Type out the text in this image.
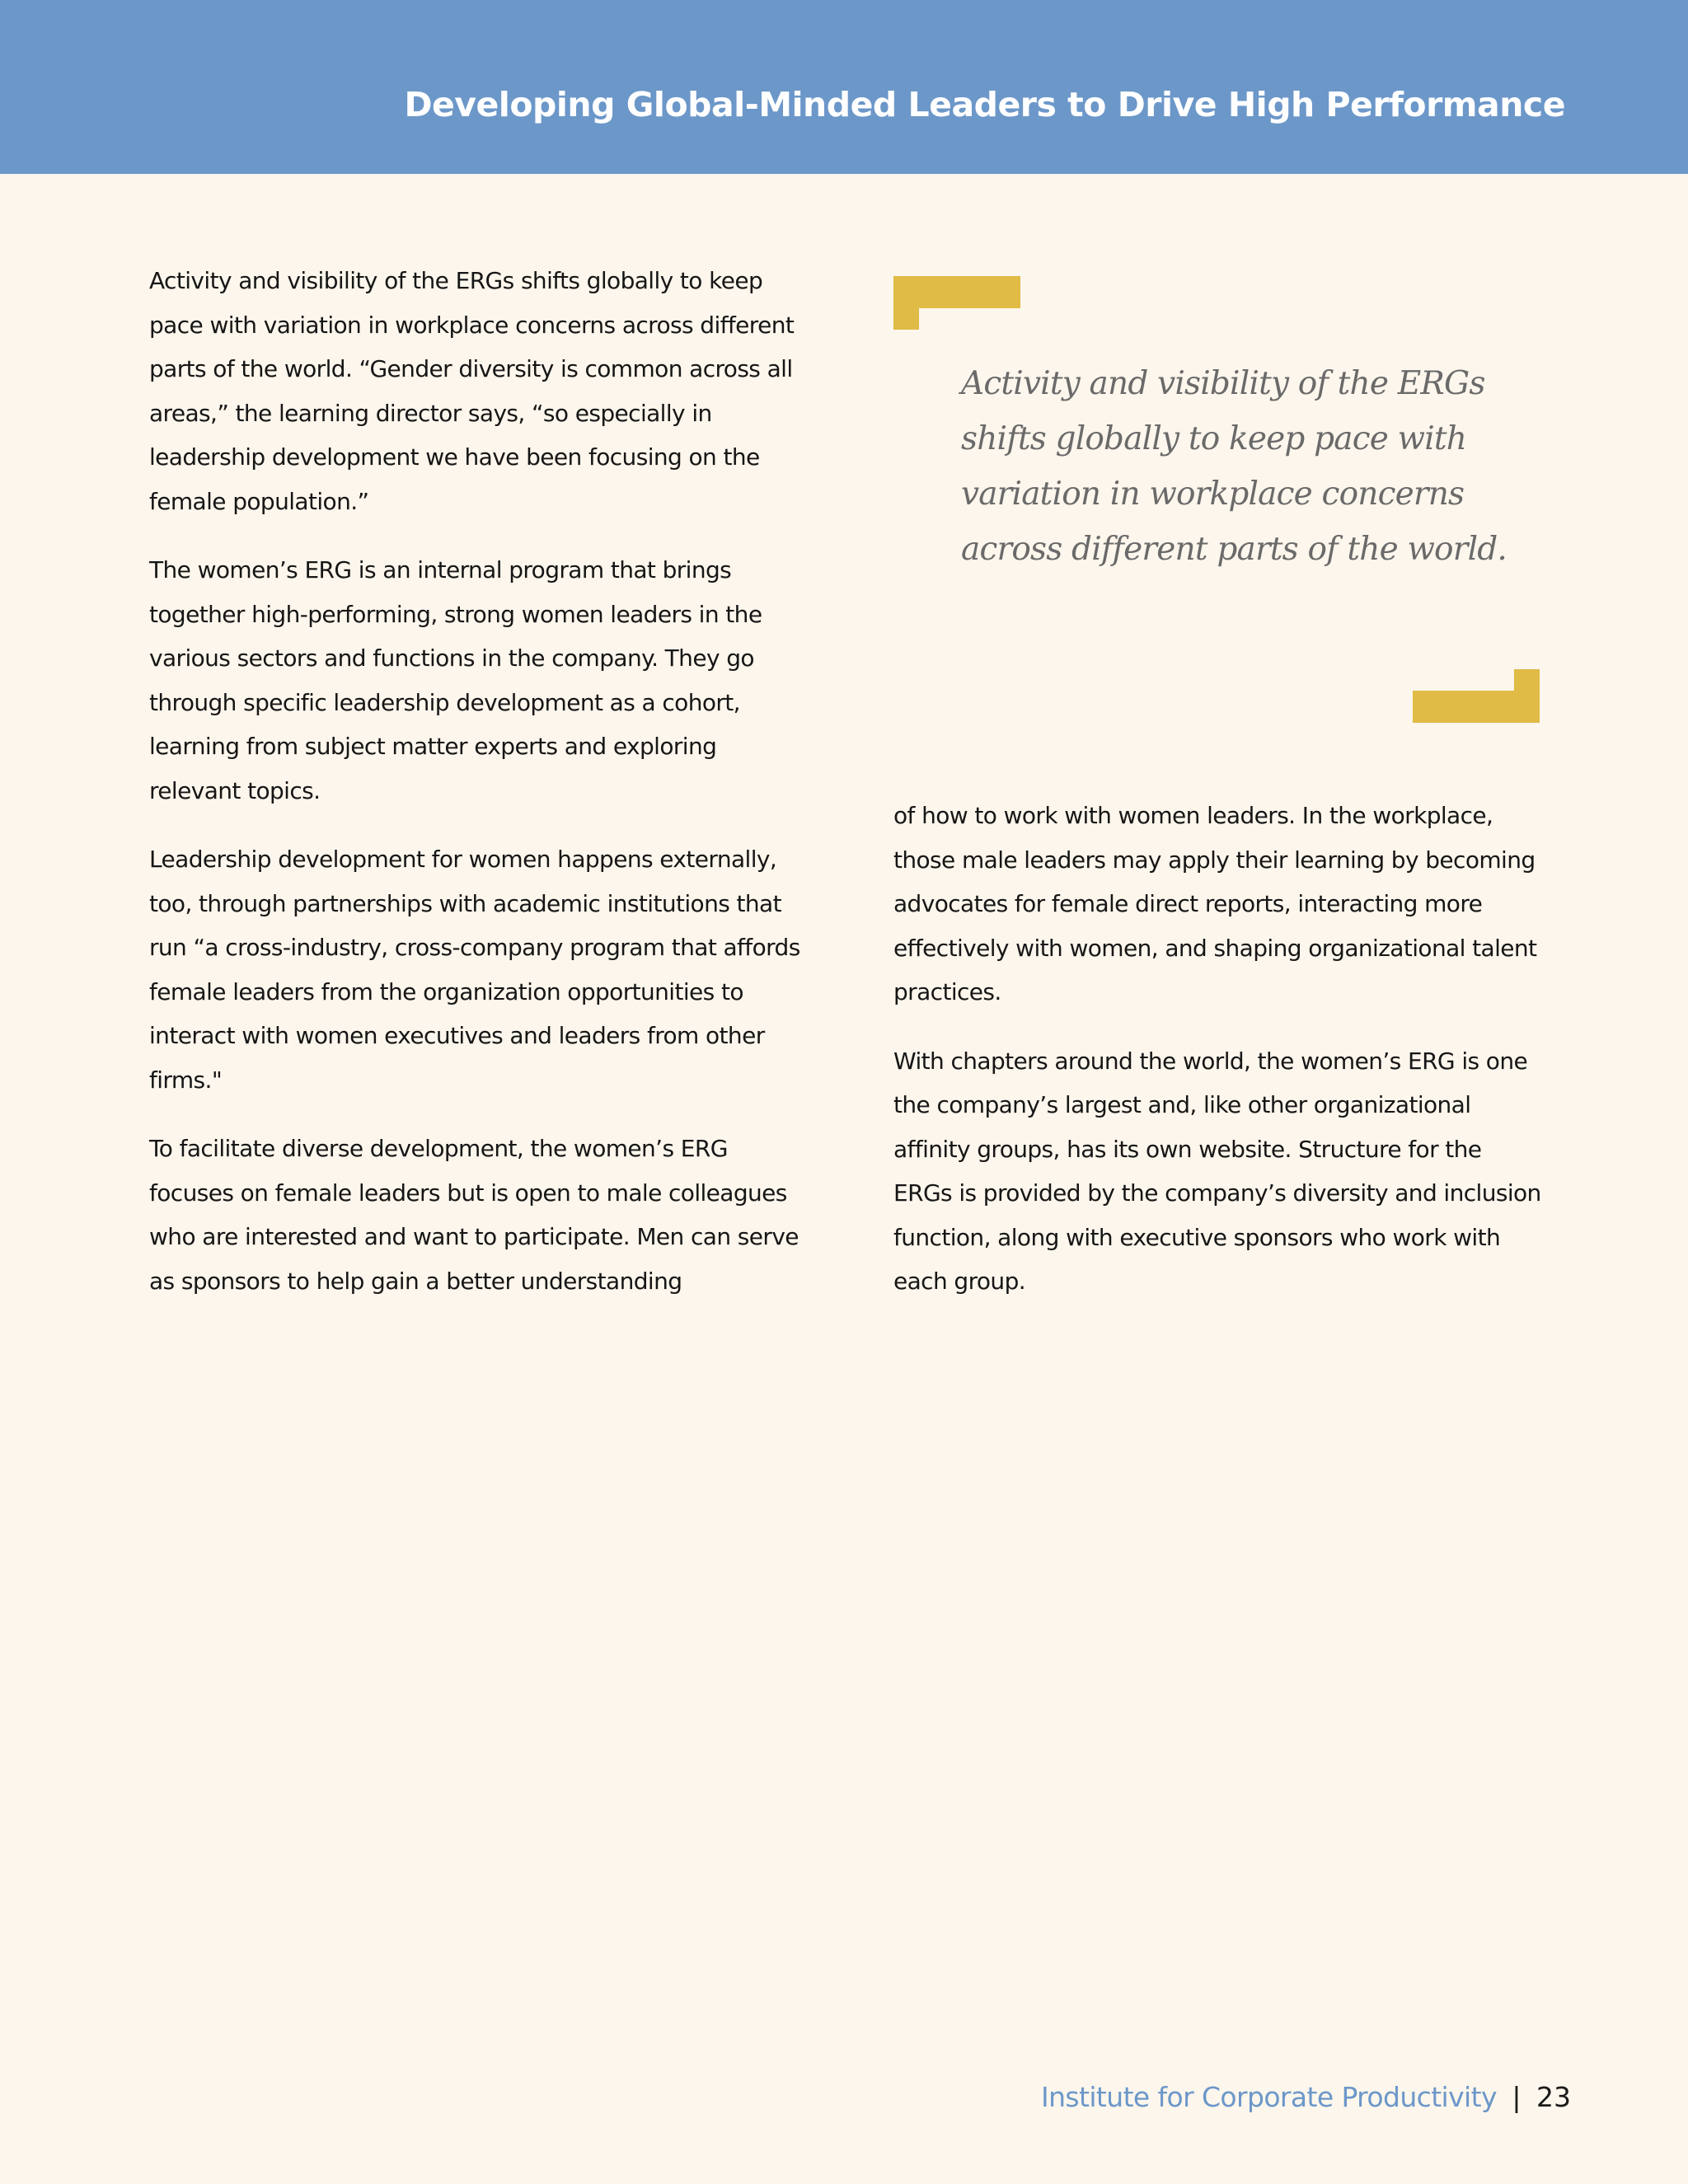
Developing Global-Minded Leaders to Drive High Performance

Activity and visibility of the ERGs shifts globally to keep pace with variation in workplace concerns across different parts of the world. “Gender diversity is common across all areas,” the learning director says, “so especially in leadership development we have been focusing on the female population.”

The women’s ERG is an internal program that brings together high-performing, strong women leaders in the various sectors and functions in the company. They go through specific leadership development as a cohort, learning from subject matter experts and exploring relevant topics.

Leadership development for women happens externally, too, through partnerships with academic institutions that run “a cross-industry, cross-company program that affords female leaders from the organization opportunities to interact with women executives and leaders from other firms."

To facilitate diverse development, the women’s ERG focuses on female leaders but is open to male colleagues who are interested and want to participate. Men can serve as sponsors to help gain a better understanding

Activity and visibility of the ERGs shifts globally to keep pace with variation in workplace concerns across different parts of the world.

of how to work with women leaders. In the workplace, those male leaders may apply their learning by becoming advocates for female direct reports, interacting more effectively with women, and shaping organizational talent practices.

With chapters around the world, the women’s ERG is one the company’s largest and, like other organizational affinity groups, has its own website. Structure for the ERGs is provided by the company’s diversity and inclusion function, along with executive sponsors who work with each group.

Institute for Corporate Productivity | 23
